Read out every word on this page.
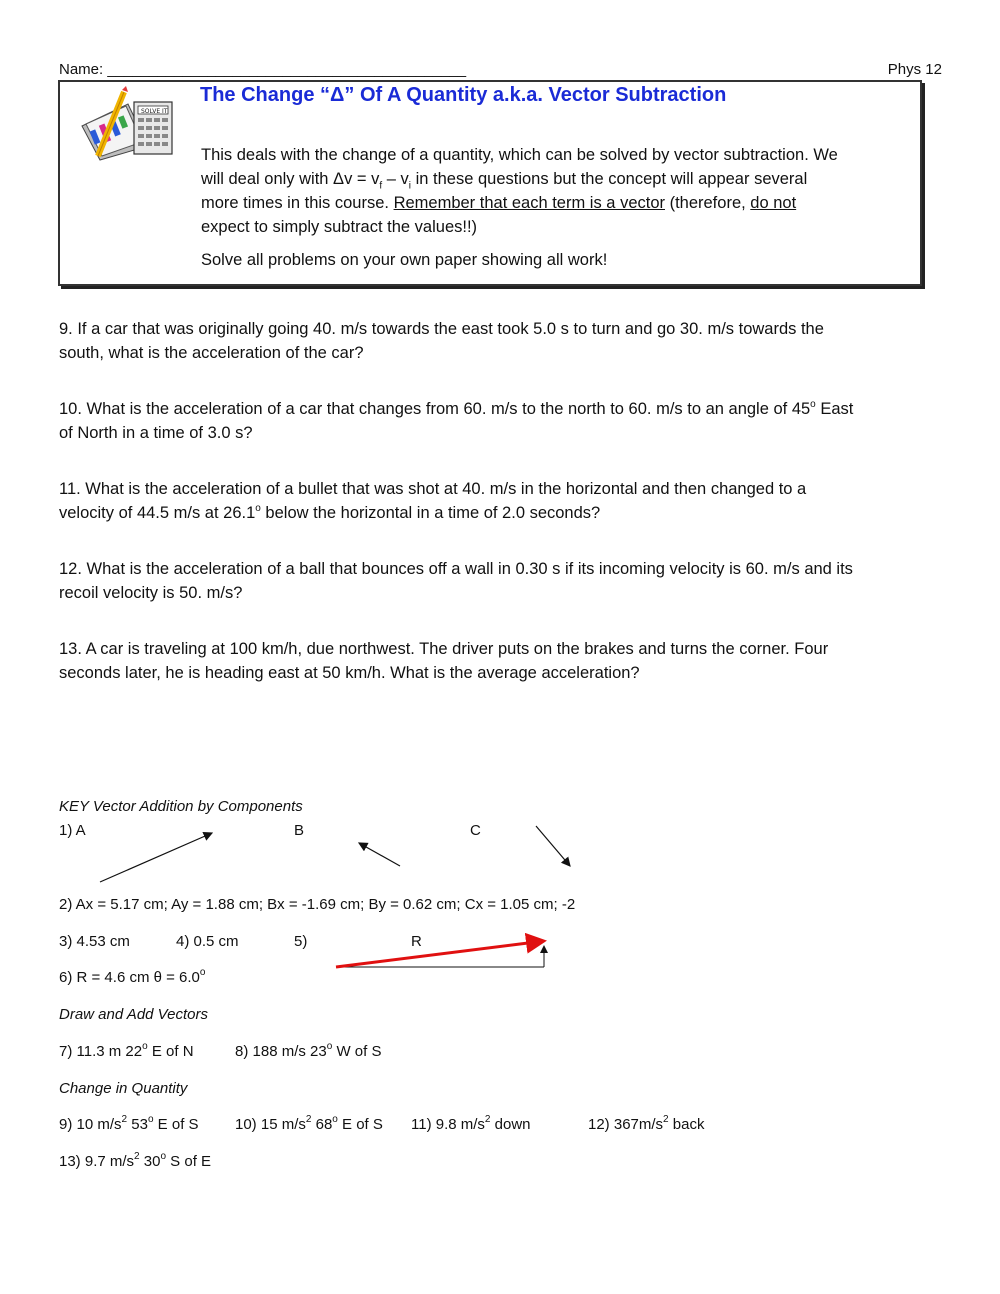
Name: ___________________________________________	Phys 12
SOLVE IT
The Change “Δ” Of A Quantity a.k.a. Vector Subtraction
This deals with the change of a quantity, which can be solved by vector subtraction. We
will deal only with $\Delta v = v_f - v_i$ in these questions but the concept will appear several
more times in this course. Remember that each term is a vector (therefore, do not
expect to simply subtract the values!!)
Solve all problems on your own paper showing all work!
9. If a car that was originally going 40. m/s towards the east took 5.0 s to turn and go 30. m/s towards the
south, what is the acceleration of the car?
10. What is the acceleration of a car that changes from 60. m/s to the north to 60. m/s to an angle of 45$^o$ East
of North in a time of 3.0 s?
11. What is the acceleration of a bullet that was shot at 40. m/s in the horizontal and then changed to a
velocity of 44.5 m/s at 26.1$^o$ below the horizontal in a time of 2.0 seconds?
12. What is the acceleration of a ball that bounces off a wall in 0.30 s if its incoming velocity is 60. m/s and its
recoil velocity is 50. m/s?
13. A car is traveling at 100 km/h, due northwest. The driver puts on the brakes and turns the corner. Four
seconds later, he is heading east at 50 km/h. What is the average acceleration?
KEY Vector Addition by Components
1) A	B	C
2) Ax = 5.17 cm; Ay = 1.88 cm; Bx = -1.69 cm; By = 0.62 cm; Cx = 1.05 cm; -2
3) 4.53 cm	4) 0.5 cm	5)	R
6) R = 4.6 cm $\theta = 6.0^o$
Draw and Add Vectors
7) 11.3 m 22$^o$ E of N	8) 188 m/s 23$^o$ W of S
Change in Quantity
9) 10 $m/s^2$ 53$^o$ E of S 10) 15 $m/s^2$ 68$^o$ E of S 11) 9.8 $m/s^2$ down	12) $367m/s^2$ back
13) 9.7 $m/s^2$ 30$^o$ S of E
